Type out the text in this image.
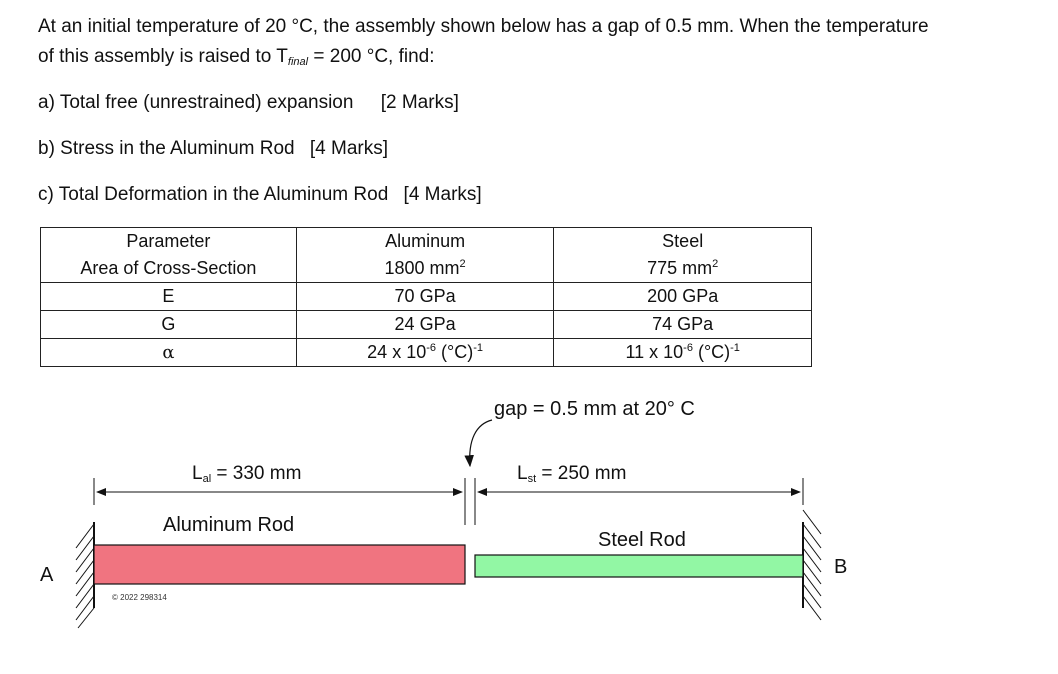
At an initial temperature of 20 °C, the assembly shown below has a gap of 0.5 mm. When the temperature
of this assembly is raised to $T_{final} = 200$ °C, find:
a) Total free (unrestrained) expansion [2 Marks]
b) Stress in the Aluminum Rod [4 Marks]
c) Total Deformation in the Aluminum Rod [4 Marks]
Parameter	Aluminum	Steel
Area of Cross-Section	1800 $mm^2$	775 $mm^2$
E	70 GPa	200 GPa
G	24 GPa	74 GPa
α	24 x $10^{-6}$ $(^\circ C)^{-1}$	11 x $10^{-6}$ $(^\circ C)^{-1}$
gap = 0.5 mm at 20° C
$L_{al} = 330$ mm	$L_{st} = 250$ mm
Aluminum Rod
Steel Rod
A	B
© 2022 298314
